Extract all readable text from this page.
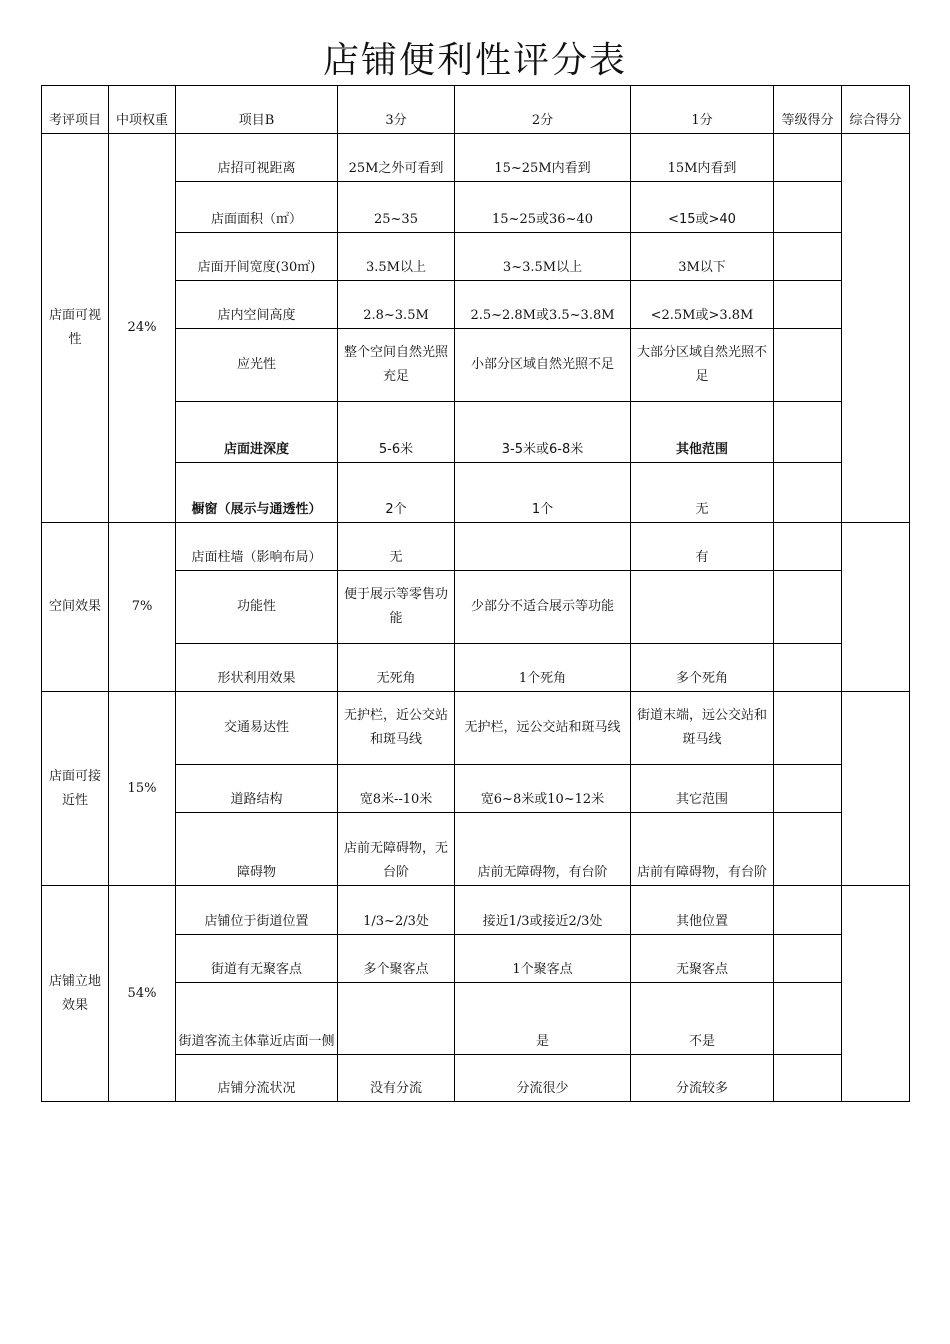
店铺便利性评分表
考评项目	中项权重	项目B	3分	2分	1分	等级得分	综合得分
店面可视性	24%	店招可视距离	25M之外可看到	15~25M内看到	15M内看到		
		店面面积（㎡）	25~35	15~25或36~40	<15或>40		
		店面开间宽度(30㎡)	3.5M以上	3~3.5M以上	3M以下		
		店内空间高度	2.8~3.5M	2.5~2.8M或3.5~3.8M	<2.5M或>3.8M		
		应光性	整个空间自然光照充足	小部分区域自然光照不足	大部分区域自然光照不足		
		店面进深度	5-6米	3-5米或6-8米	其他范围		
		橱窗（展示与通透性）	2个	1个	无		
空间效果	7%	店面柱墙（影响布局）	无		有		
		功能性	便于展示等零售功能	少部分不适合展示等功能			
		形状利用效果	无死角	1个死角	多个死角		
店面可接近性	15%	交通易达性	无护栏，近公交站和斑马线	无护栏，远公交站和斑马线	街道末端，远公交站和斑马线		
		道路结构	宽8米--10米	宽6~8米或10~12米	其它范围		
		障碍物	店前无障碍物，无台阶	店前无障碍物，有台阶	店前有障碍物，有台阶		
店铺立地效果	54%	店铺位于街道位置	1/3~2/3处	接近1/3或接近2/3处	其他位置		
		街道有无聚客点	多个聚客点	1个聚客点	无聚客点		
		街道客流主体靠近店面一侧		是	不是		
		店铺分流状况	没有分流	分流很少	分流较多		
